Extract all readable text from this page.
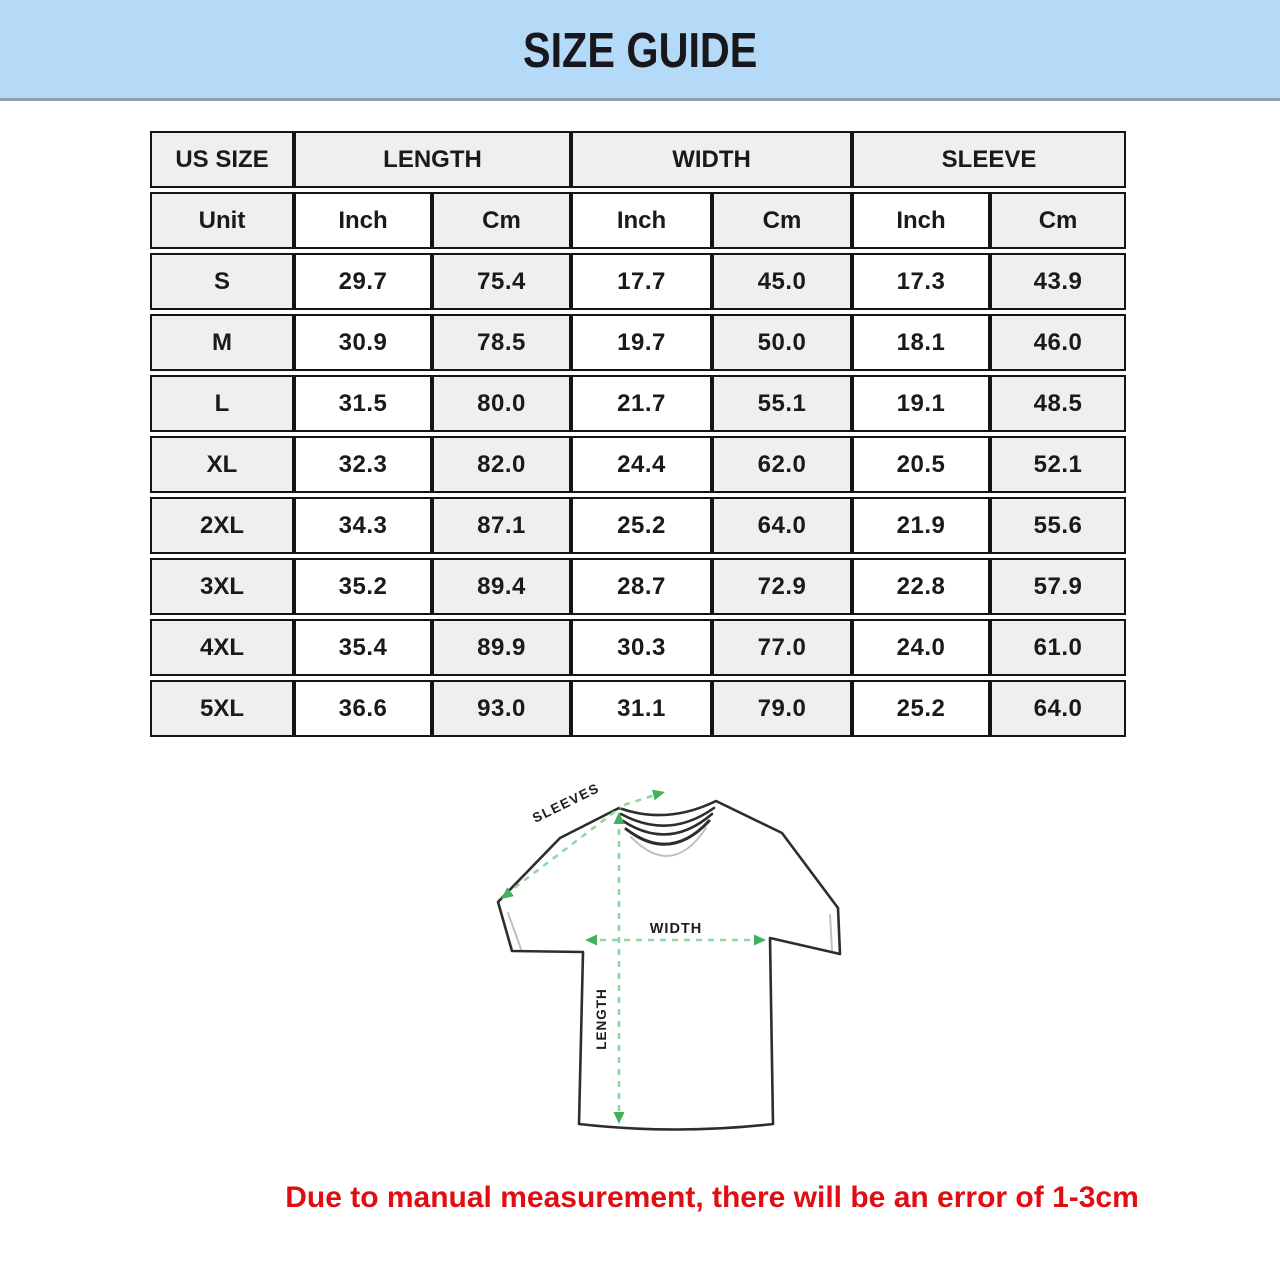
SIZE GUIDE
US SIZE	LENGTH		WIDTH		SLEEVE	
Unit	Inch	Cm	Inch	Cm	Inch	Cm
S	29.7	75.4	17.7	45.0	17.3	43.9
M	30.9	78.5	19.7	50.0	18.1	46.0
L	31.5	80.0	21.7	55.1	19.1	48.5
XL	32.3	82.0	24.4	62.0	20.5	52.1
2XL	34.3	87.1	25.2	64.0	21.9	55.6
3XL	35.2	89.4	28.7	72.9	22.8	57.9
4XL	35.4	89.9	30.3	77.0	24.0	61.0
5XL	36.6	93.0	31.1	79.0	25.2	64.0
WIDTH
LENGTH
SLEEVES
Due to manual measurement, there will be an error of 1-3cm
